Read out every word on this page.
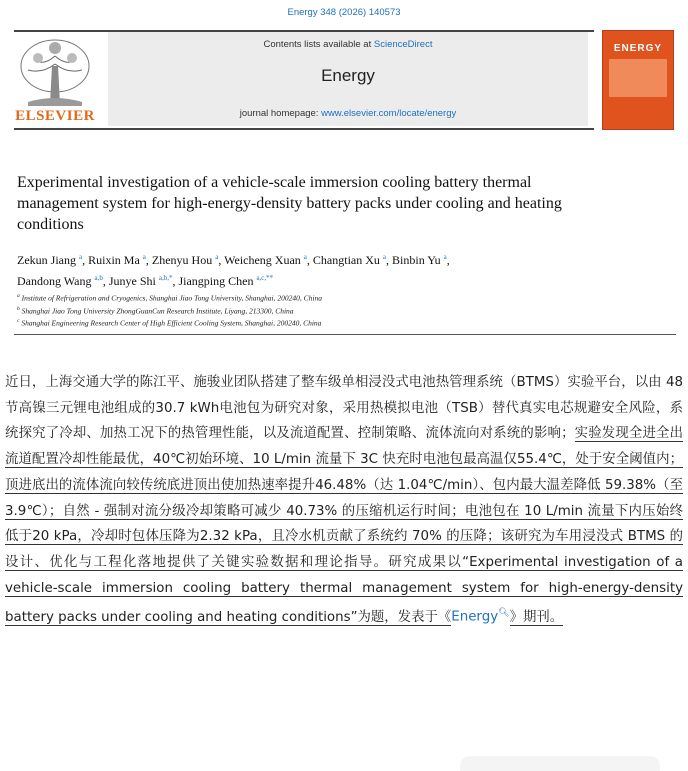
Energy 348 (2026) 140573
ELSEVIER
Contents lists available at ScienceDirect
Energy
journal homepage: www.elsevier.com/locate/energy
ENERGY
Experimental investigation of a vehicle-scale immersion cooling battery thermal management system for high-energy-density battery packs under cooling and heating conditions
Zekun Jiang $^a$, Ruixin Ma $^a$, Zhenyu Hou $^a$, Weicheng Xuan $^a$, Changtian Xu $^a$, Binbin Yu $^a$,
Dandong Wang $^{a,b}$, Junye Shi $^{a,b,*}$, Jiangping Chen $^{a,c,**}$
$^a$ Institute of Refrigeration and Cryogenics, Shanghai Jiao Tong University, Shanghai, 200240, China
$^b$ Shanghai Jiao Tong University ZhongGuanCun Research Institute, Liyang, 213300, China
$^c$ Shanghai Engineering Research Center of High Efficient Cooling System, Shanghai, 200240, China
近日，上海交通大学的陈江平、施骏业团队搭建了整车级单相浸没式电池热管理系统（BTMS）实验平台，以由 48 节高镍三元锂电池组成的30.7 kWh电池包为研究对象，采用热模拟电池（TSB）替代真实电芯规避安全风险，系统探究了冷却、加热工况下的热管理性能，以及流道配置、控制策略、流体流向对系统的影响；实验发现全进全出流道配置冷却性能最优，40℃初始环境、10 L/min 流量下 3C 快充时电池包最高温仅55.4℃，处于安全阈值内；顶进底出的流体流向较传统底进顶出使加热速率提升46.48%（达 1.04℃/min）、包内最大温差降低 59.38%（至 3.9℃）；自然 - 强制对流分级冷却策略可减少 40.73% 的压缩机运行时间；电池包在 10 L/min 流量下内压始终低于20 kPa，冷却时包体压降为2.32 kPa，且冷水机贡献了系统约 70% 的压降；该研究为车用浸没式 BTMS 的设计、优化与工程化落地提供了关键实验数据和理论指导。研究成果以“Experimental investigation of a vehicle-scale immersion cooling battery thermal management system for high-energy-density battery packs under cooling and heating conditions”为题，发表于《Energy🔍︎》期刊。
